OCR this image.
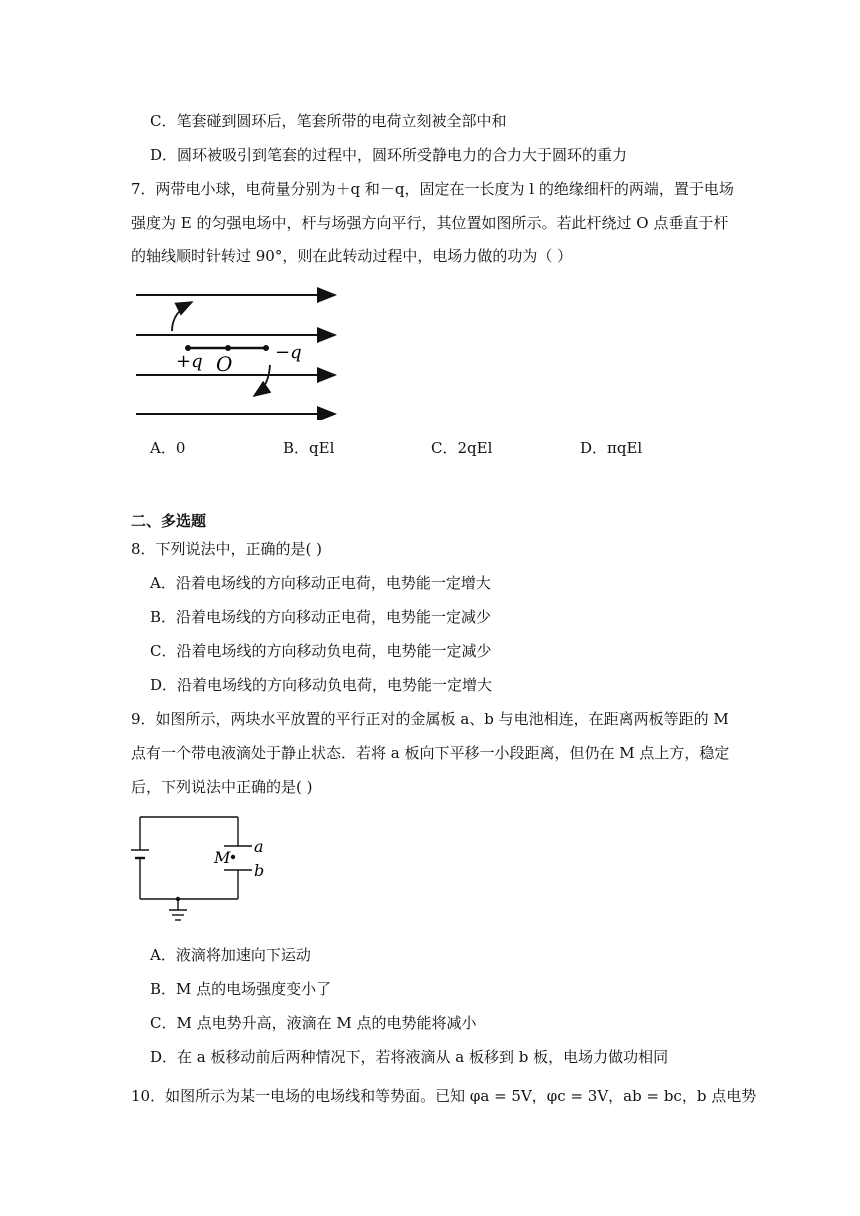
C．笔套碰到圆环后，笔套所带的电荷立刻被全部中和
D．圆环被吸引到笔套的过程中，圆环所受静电力的合力大于圆环的重力
7．两带电小球，电荷量分别为＋q 和－q，固定在一长度为 l 的绝缘细杆的两端，置于电场
强度为 E 的匀强电场中，杆与场强方向平行，其位置如图所示。若此杆绕过 O 点垂直于杆
的轴线顺时针转过 90°，则在此转动过程中，电场力做的功为（ ）
+q O −q
A．0	B．qEl	C．2qEl	D．πqEl
二、多选题
8．下列说法中，正确的是( )
A．沿着电场线的方向移动正电荷，电势能一定增大
B．沿着电场线的方向移动正电荷，电势能一定减少
C．沿着电场线的方向移动负电荷，电势能一定减少
D．沿着电场线的方向移动负电荷，电势能一定增大
9．如图所示，两块水平放置的平行正对的金属板 a、b 与电池相连，在距离两板等距的 M
点有一个带电液滴处于静止状态．若将 a 板向下平移一小段距离，但仍在 M 点上方，稳定
后，下列说法中正确的是( )
M
a
b
A．液滴将加速向下运动
B．M 点的电场强度变小了
C．M 点电势升高，液滴在 M 点的电势能将减小
D．在 a 板移动前后两种情况下，若将液滴从 a 板移到 b 板，电场力做功相同
10．如图所示为某一电场的电场线和等势面。已知 φa = 5V，φc = 3V，ab = bc，b 点电势
